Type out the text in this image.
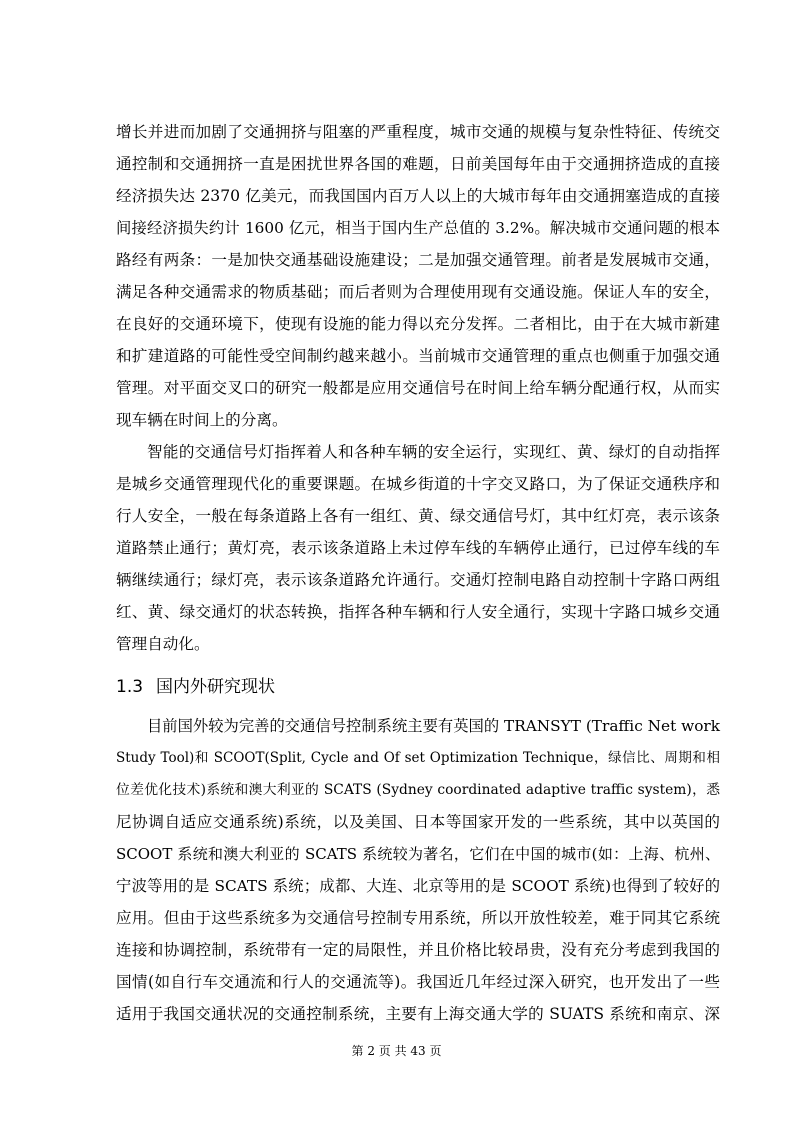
增长并进而加剧了交通拥挤与阻塞的严重程度，城市交通的规模与复杂性特征、传统交
通控制和交通拥挤一直是困扰世界各国的难题，日前美国每年由于交通拥挤造成的直接
经济损失达 2370 亿美元，而我国国内百万人以上的大城市每年由交通拥塞造成的直接
间接经济损失约计 1600 亿元，相当于国内生产总值的 3.2%。解决城市交通问题的根本
路经有两条：一是加快交通基础设施建设；二是加强交通管理。前者是发展城市交通，
满足各种交通需求的物质基础；而后者则为合理使用现有交通设施。保证人车的安全，
在良好的交通环境下，使现有设施的能力得以充分发挥。二者相比，由于在大城市新建
和扩建道路的可能性受空间制约越来越小。当前城市交通管理的重点也侧重于加强交通
管理。对平面交叉口的研究一般都是应用交通信号在时间上给车辆分配通行权，从而实
现车辆在时间上的分离。
智能的交通信号灯指挥着人和各种车辆的安全运行，实现红、黄、绿灯的自动指挥
是城乡交通管理现代化的重要课题。在城乡街道的十字交叉路口，为了保证交通秩序和
行人安全，一般在每条道路上各有一组红、黄、绿交通信号灯，其中红灯亮，表示该条
道路禁止通行；黄灯亮，表示该条道路上未过停车线的车辆停止通行，已过停车线的车
辆继续通行；绿灯亮，表示该条道路允许通行。交通灯控制电路自动控制十字路口两组
红、黄、绿交通灯的状态转换，指挥各种车辆和行人安全通行，实现十字路口城乡交通
管理自动化。
1.3 国内外研究现状
目前国外较为完善的交通信号控制系统主要有英国的 TRANSYT (Traffic Net work
Study Tool)和 SCOOT(Split, Cycle and Of set Optimization Technique，绿信比、周期和相
位差优化技术)系统和澳大利亚的 SCATS (Sydney coordinated adaptive traffic system)，悉
尼协调自适应交通系统)系统，以及美国、日本等国家开发的一些系统，其中以英国的
SCOOT 系统和澳大利亚的 SCATS 系统较为著名，它们在中国的城市(如：上海、杭州、
宁波等用的是 SCATS 系统；成都、大连、北京等用的是 SCOOT 系统)也得到了较好的
应用。但由于这些系统多为交通信号控制专用系统，所以开放性较差，难于同其它系统
连接和协调控制，系统带有一定的局限性，并且价格比较昂贵，没有充分考虑到我国的
国情(如自行车交通流和行人的交通流等)。我国近几年经过深入研究，也开发出了一些
适用于我国交通状况的交通控制系统，主要有上海交通大学的 SUATS 系统和南京、深
第 2 页 共 43 页
